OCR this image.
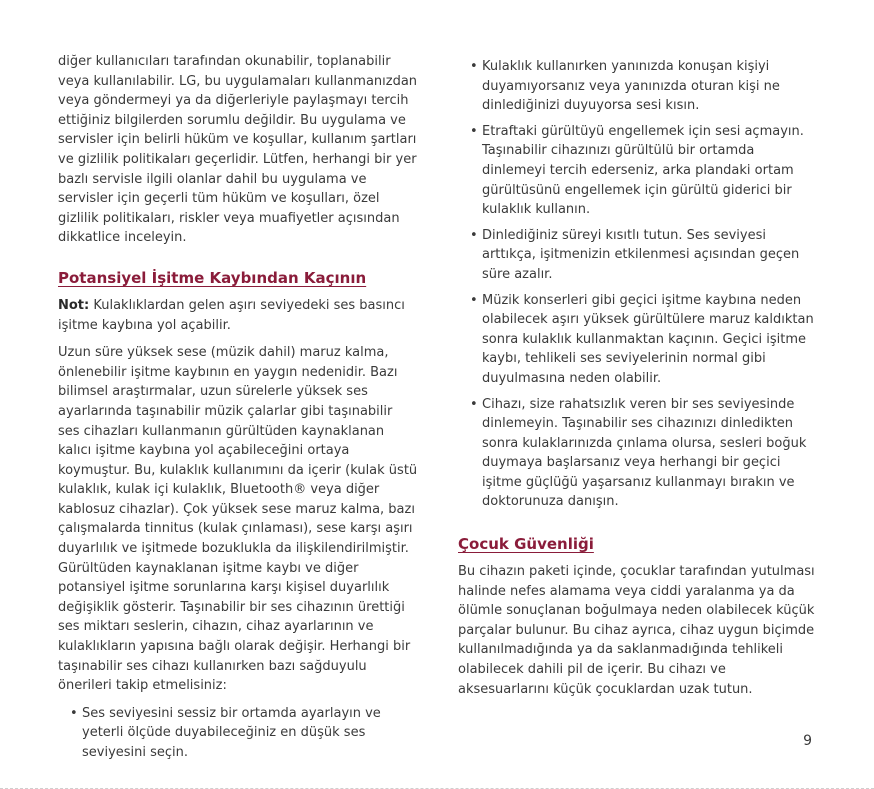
diğer kullanıcıları tarafından okunabilir, toplanabilir veya kullanılabilir. LG, bu uygulamaları kullanmanızdan veya göndermeyi ya da diğerleriyle paylaşmayı tercih ettiğiniz bilgilerden sorumlu değildir. Bu uygulama ve servisler için belirli hüküm ve koşullar, kullanım şartları ve gizlilik politikaları geçerlidir. Lütfen, herhangi bir yer bazlı servisle ilgili olanlar dahil bu uygulama ve servisler için geçerli tüm hüküm ve koşulları, özel gizlilik politikaları, riskler veya muafiyetler açısından dikkatlice inceleyin.

Potansiyel İşitme Kaybından Kaçının

Not: Kulaklıklardan gelen aşırı seviyedeki ses basıncı işitme kaybına yol açabilir.

Uzun süre yüksek sese (müzik dahil) maruz kalma, önlenebilir işitme kaybının en yaygın nedenidir. Bazı bilimsel araştırmalar, uzun sürelerle yüksek ses ayarlarında taşınabilir müzik çalarlar gibi taşınabilir ses cihazları kullanmanın gürültüden kaynaklanan kalıcı işitme kaybına yol açabileceğini ortaya koymuştur. Bu, kulaklık kullanımını da içerir (kulak üstü kulaklık, kulak içi kulaklık, Bluetooth® veya diğer kablosuz cihazlar). Çok yüksek sese maruz kalma, bazı çalışmalarda tinnitus (kulak çınlaması), sese karşı aşırı duyarlılık ve işitmede bozuklukla da ilişkilendirilmiştir. Gürültüden kaynaklanan işitme kaybı ve diğer potansiyel işitme sorunlarına karşı kişisel duyarlılık değişiklik gösterir. Taşınabilir bir ses cihazının ürettiği ses miktarı seslerin, cihazın, cihaz ayarlarının ve kulaklıkların yapısına bağlı olarak değişir. Herhangi bir taşınabilir ses cihazı kullanırken bazı sağduyulu önerileri takip etmelisiniz:

• Ses seviyesini sessiz bir ortamda ayarlayın ve yeterli ölçüde duyabileceğiniz en düşük ses seviyesini seçin.
• Kulaklık kullanırken yanınızda konuşan kişiyi duyamıyorsanız veya yanınızda oturan kişi ne dinlediğinizi duyuyorsa sesi kısın.
• Etraftaki gürültüyü engellemek için sesi açmayın. Taşınabilir cihazınızı gürültülü bir ortamda dinlemeyi tercih ederseniz, arka plandaki ortam gürültüsünü engellemek için gürültü giderici bir kulaklık kullanın.
• Dinlediğiniz süreyi kısıtlı tutun. Ses seviyesi arttıkça, işitmenizin etkilenmesi açısından geçen süre azalır.
• Müzik konserleri gibi geçici işitme kaybına neden olabilecek aşırı yüksek gürültülere maruz kaldıktan sonra kulaklık kullanmaktan kaçının. Geçici işitme kaybı, tehlikeli ses seviyelerinin normal gibi duyulmasına neden olabilir.
• Cihazı, size rahatsızlık veren bir ses seviyesinde dinlemeyin. Taşınabilir ses cihazınızı dinledikten sonra kulaklarınızda çınlama olursa, sesleri boğuk duymaya başlarsanız veya herhangi bir geçici işitme güçlüğü yaşarsanız kullanmayı bırakın ve doktorunuza danışın.
Çocuk Güvenliği

Bu cihazın paketi içinde, çocuklar tarafından yutulması halinde nefes alamama veya ciddi yaralanma ya da ölümle sonuçlanan boğulmaya neden olabilecek küçük parçalar bulunur. Bu cihaz ayrıca, cihaz uygun biçimde kullanılmadığında ya da saklanmadığında tehlikeli olabilecek dahili pil de içerir. Bu cihazı ve aksesuarlarını küçük çocuklardan uzak tutun.

9
